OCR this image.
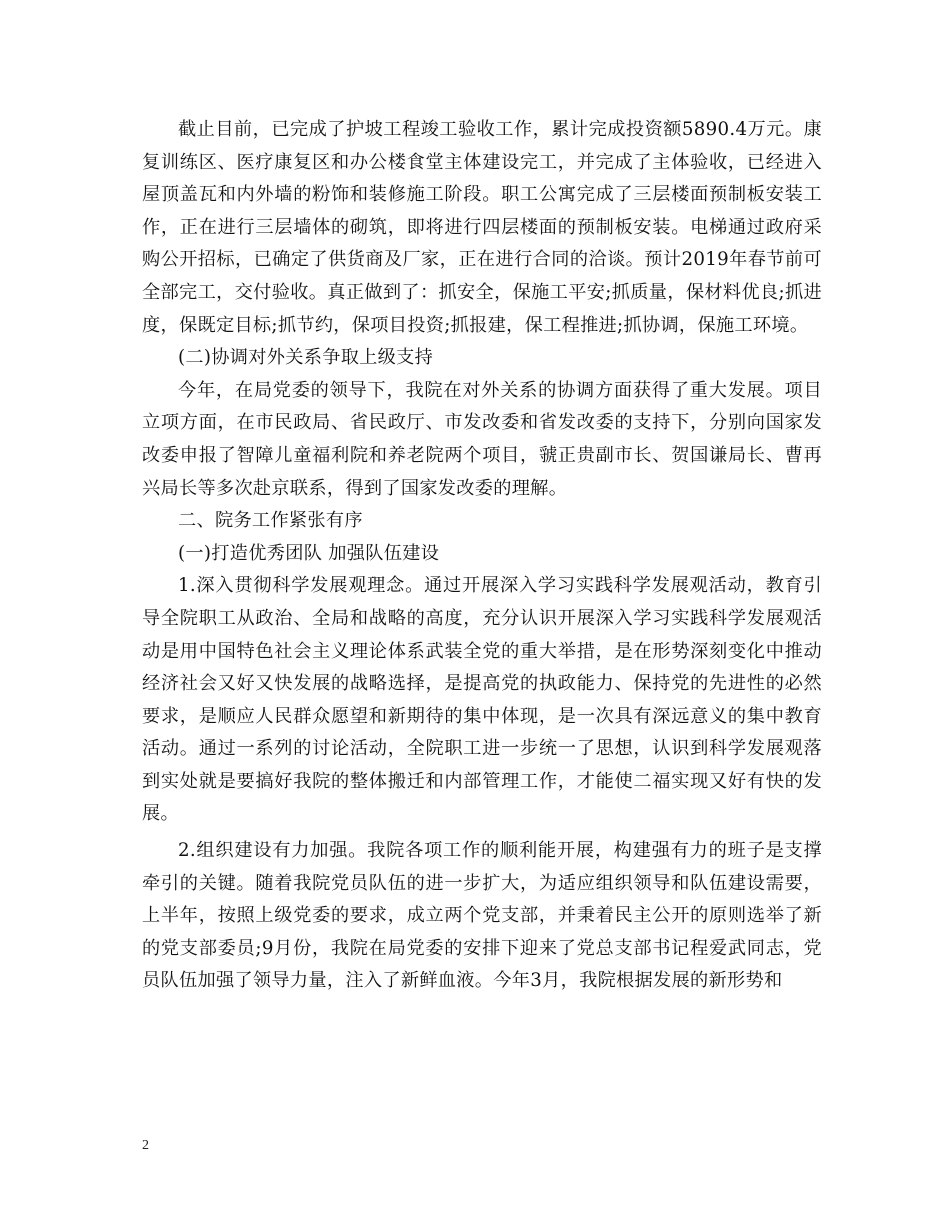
截止目前，已完成了护坡工程竣工验收工作，累计完成投资额5890.4万元。康复训练区、医疗康复区和办公楼食堂主体建设完工，并完成了主体验收，已经进入屋顶盖瓦和内外墙的粉饰和装修施工阶段。职工公寓完成了三层楼面预制板安装工作，正在进行三层墙体的砌筑，即将进行四层楼面的预制板安装。电梯通过政府采购公开招标，已确定了供货商及厂家，正在进行合同的洽谈。预计2019年春节前可全部完工，交付验收。真正做到了：抓安全，保施工平安;抓质量，保材料优良;抓进度，保既定目标;抓节约，保项目投资;抓报建，保工程推进;抓协调，保施工环境。

(二)协调对外关系争取上级支持

今年，在局党委的领导下，我院在对外关系的协调方面获得了重大发展。项目立项方面，在市民政局、省民政厅、市发改委和省发改委的支持下，分别向国家发改委申报了智障儿童福利院和养老院两个项目，虢正贵副市长、贺国谦局长、曹再兴局长等多次赴京联系，得到了国家发改委的理解。

二、院务工作紧张有序

(一)打造优秀团队 加强队伍建设

1.深入贯彻科学发展观理念。通过开展深入学习实践科学发展观活动，教育引导全院职工从政治、全局和战略的高度，充分认识开展深入学习实践科学发展观活动是用中国特色社会主义理论体系武装全党的重大举措，是在形势深刻变化中推动经济社会又好又快发展的战略选择，是提高党的执政能力、保持党的先进性的必然要求，是顺应人民群众愿望和新期待的集中体现，是一次具有深远意义的集中教育活动。通过一系列的讨论活动，全院职工进一步统一了思想，认识到科学发展观落到实处就是要搞好我院的整体搬迁和内部管理工作，才能使二福实现又好有快的发展。

2.组织建设有力加强。我院各项工作的顺利能开展，构建强有力的班子是支撑牵引的关键。随着我院党员队伍的进一步扩大，为适应组织领导和队伍建设需要，上半年，按照上级党委的要求，成立两个党支部，并秉着民主公开的原则选举了新的党支部委员;9月份，我院在局党委的安排下迎来了党总支部书记程爱武同志，党员队伍加强了领导力量，注入了新鲜血液。今年3月，我院根据发展的新形势和

2
